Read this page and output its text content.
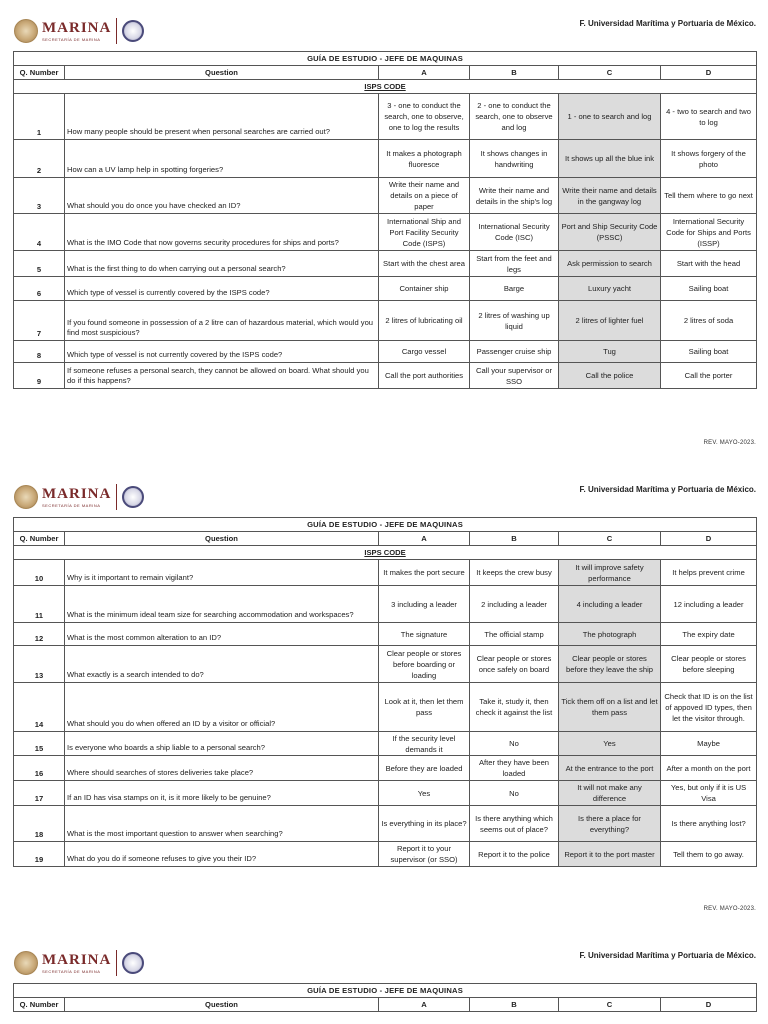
MARINA
SECRETARÍA DE MARINA
F. Universidad Marítima y Portuaria de México.
GUÍA DE ESTUDIO - JEFE DE MAQUINAS					
Q. Number	Question	A	B	C	D
ISPS CODE					
1	How many people should be present when personal searches are carried out?	3 - one to conduct the search, one to observe, one to log the results	2 - one to conduct the search, one to observe and log	1 - one to search and log	4 - two to search and two to log
2	How can a UV lamp help in spotting forgeries?	It makes a photograph fluoresce	It shows changes in handwriting	It shows up all the blue ink	It shows forgery of the photo
3	What should you do once you have checked an ID?	Write their name and details on a piece of paper	Write their name and details in the ship's log	Write their name and details in the gangway log	Tell them where to go next
4	What is the IMO Code that now governs security procedures for ships and ports?	International Ship and Port Facility Security Code (ISPS)	International Security Code (ISC)	Port and Ship Security Code (PSSC)	International Security Code for Ships and Ports (ISSP)
5	What is the first thing to do when carrying out a personal search?	Start with the chest area	Start from the feet and legs	Ask permission to search	Start with the head
6	Which type of vessel is currently covered by the ISPS code?	Container ship	Barge	Luxury yacht	Sailing boat
7	If you found someone in possession of a 2 litre can of hazardous material, which would you find most suspicious?	2 litres of lubricating oil	2 litres of washing up liquid	2 litres of lighter fuel	2 litres of soda
8	Which type of vessel is not currently covered by the ISPS code?	Cargo vessel	Passenger cruise ship	Tug	Sailing boat
9	If someone refuses a personal search, they cannot be allowed on board. What should you do if this happens?	Call the port authorities	Call your supervisor or SSO	Call the police	Call the porter
REV. MAYO-2023.
MARINA
SECRETARÍA DE MARINA
F. Universidad Marítima y Portuaria de México.
GUÍA DE ESTUDIO - JEFE DE MAQUINAS					
Q. Number	Question	A	B	C	D
ISPS CODE					
10	Why is it important to remain vigilant?	It makes the port secure	It keeps the crew busy	It will improve safety performance	It helps prevent crime
11	What is the minimum ideal team size for searching accommodation and workspaces?	3 including a leader	2 including a leader	4 including a leader	12 including a leader
12	What is the most common alteration to an ID?	The signature	The official stamp	The photograph	The expiry date
13	What exactly is a search intended to do?	Clear people or stores before boarding or loading	Clear people or stores once safely on board	Clear people or stores before they leave the ship	Clear people or stores before sleeping
14	What should you do when offered an ID by a visitor or official?	Look at it, then let them pass	Take it, study it, then check it against the list	Tick them off on a list and let them pass	Check that ID is on the list of appoved ID types, then let the visitor through.
15	Is everyone who boards a ship liable to a personal search?	If the security level demands it	No	Yes	Maybe
16	Where should searches of stores deliveries take place?	Before they are loaded	After they have been loaded	At the entrance to the port	After a month on the port
17	If an ID has visa stamps on it, is it more likely to be genuine?	Yes	No	It will not make any difference	Yes, but only if it is US Visa
18	What is the most important question to answer when searching?	Is everything in its place?	Is there anything which seems out of place?	Is there a place for everything?	Is there anything lost?
19	What do you do if someone refuses to give you their ID?	Report it to your supervisor (or SSO)	Report it to the police	Report it to the port master	Tell them to go away.
REV. MAYO-2023.
MARINA
SECRETARÍA DE MARINA
F. Universidad Marítima y Portuaria de México.
GUÍA DE ESTUDIO - JEFE DE MAQUINAS
Q. Number	Question	A	B	C	D
